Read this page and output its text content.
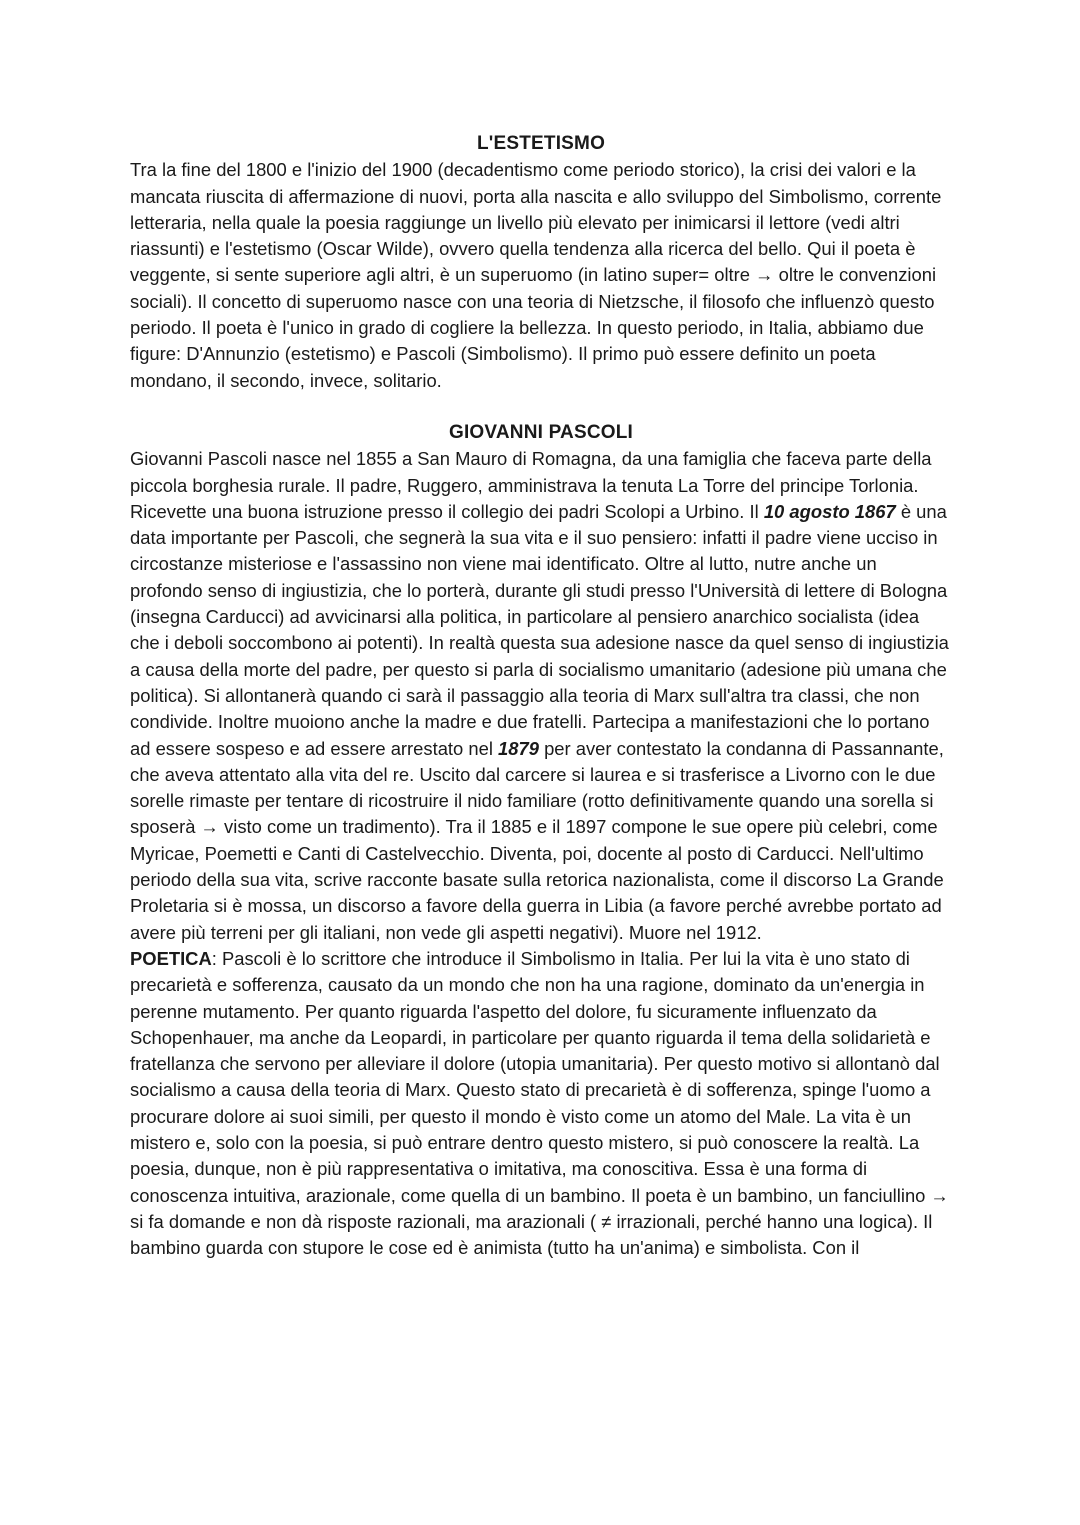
L'ESTETISMO

Tra la fine del 1800 e l'inizio del 1900 (decadentismo come periodo storico), la crisi dei valori e la mancata riuscita di affermazione di nuovi, porta alla nascita e allo sviluppo del Simbolismo, corrente letteraria, nella quale la poesia raggiunge un livello più elevato per inimicarsi il lettore (vedi altri riassunti) e l'estetismo (Oscar Wilde), ovvero quella tendenza alla ricerca del bello. Qui il poeta è veggente, si sente superiore agli altri, è un superuomo (in latino super= oltre → oltre le convenzioni sociali). Il concetto di superuomo nasce con una teoria di Nietzsche, il filosofo che influenzò questo periodo. Il poeta è l'unico in grado di cogliere la bellezza. In questo periodo, in Italia, abbiamo due figure: D'Annunzio (estetismo) e Pascoli (Simbolismo). Il primo può essere definito un poeta mondano, il secondo, invece, solitario.

GIOVANNI PASCOLI

Giovanni Pascoli nasce nel 1855 a San Mauro di Romagna, da una famiglia che faceva parte della piccola borghesia rurale. Il padre, Ruggero, amministrava la tenuta La Torre del principe Torlonia. Ricevette una buona istruzione presso il collegio dei padri Scolopi a Urbino. Il 10 agosto 1867 è una data importante per Pascoli, che segnerà la sua vita e il suo pensiero: infatti il padre viene ucciso in circostanze misteriose e l'assassino non viene mai identificato. Oltre al lutto, nutre anche un profondo senso di ingiustizia, che lo porterà, durante gli studi presso l'Università di lettere di Bologna (insegna Carducci) ad avvicinarsi alla politica, in particolare al pensiero anarchico socialista (idea che i deboli soccombono ai potenti). In realtà questa sua adesione nasce da quel senso di ingiustizia a causa della morte del padre, per questo si parla di socialismo umanitario (adesione più umana che politica). Si allontanerà quando ci sarà il passaggio alla teoria di Marx sull'altra tra classi, che non condivide. Inoltre muoiono anche la madre e due fratelli. Partecipa a manifestazioni che lo portano ad essere sospeso e ad essere arrestato nel 1879 per aver contestato la condanna di Passannante, che aveva attentato alla vita del re. Uscito dal carcere si laurea e si trasferisce a Livorno con le due sorelle rimaste per tentare di ricostruire il nido familiare (rotto definitivamente quando una sorella si sposerà → visto come un tradimento). Tra il 1885 e il 1897 compone le sue opere più celebri, come Myricae, Poemetti e Canti di Castelvecchio. Diventa, poi, docente al posto di Carducci. Nell'ultimo periodo della sua vita, scrive racconte basate sulla retorica nazionalista, come il discorso La Grande Proletaria si è mossa, un discorso a favore della guerra in Libia (a favore perché avrebbe portato ad avere più terreni per gli italiani, non vede gli aspetti negativi). Muore nel 1912.

POETICA: Pascoli è lo scrittore che introduce il Simbolismo in Italia. Per lui la vita è uno stato di precarietà e sofferenza, causato da un mondo che non ha una ragione, dominato da un'energia in perenne mutamento. Per quanto riguarda l'aspetto del dolore, fu sicuramente influenzato da Schopenhauer, ma anche da Leopardi, in particolare per quanto riguarda il tema della solidarietà e fratellanza che servono per alleviare il dolore (utopia umanitaria). Per questo motivo si allontanò dal socialismo a causa della teoria di Marx. Questo stato di precarietà è di sofferenza, spinge l'uomo a procurare dolore ai suoi simili, per questo il mondo è visto come un atomo del Male. La vita è un mistero e, solo con la poesia, si può entrare dentro questo mistero, si può conoscere la realtà. La poesia, dunque, non è più rappresentativa o imitativa, ma conoscitiva. Essa è una forma di conoscenza intuitiva, arazionale, come quella di un bambino. Il poeta è un bambino, un fanciullino → si fa domande e non dà risposte razionali, ma arazionali ( ≠ irrazionali, perché hanno una logica). Il bambino guarda con stupore le cose ed è animista (tutto ha un'anima) e simbolista. Con il
